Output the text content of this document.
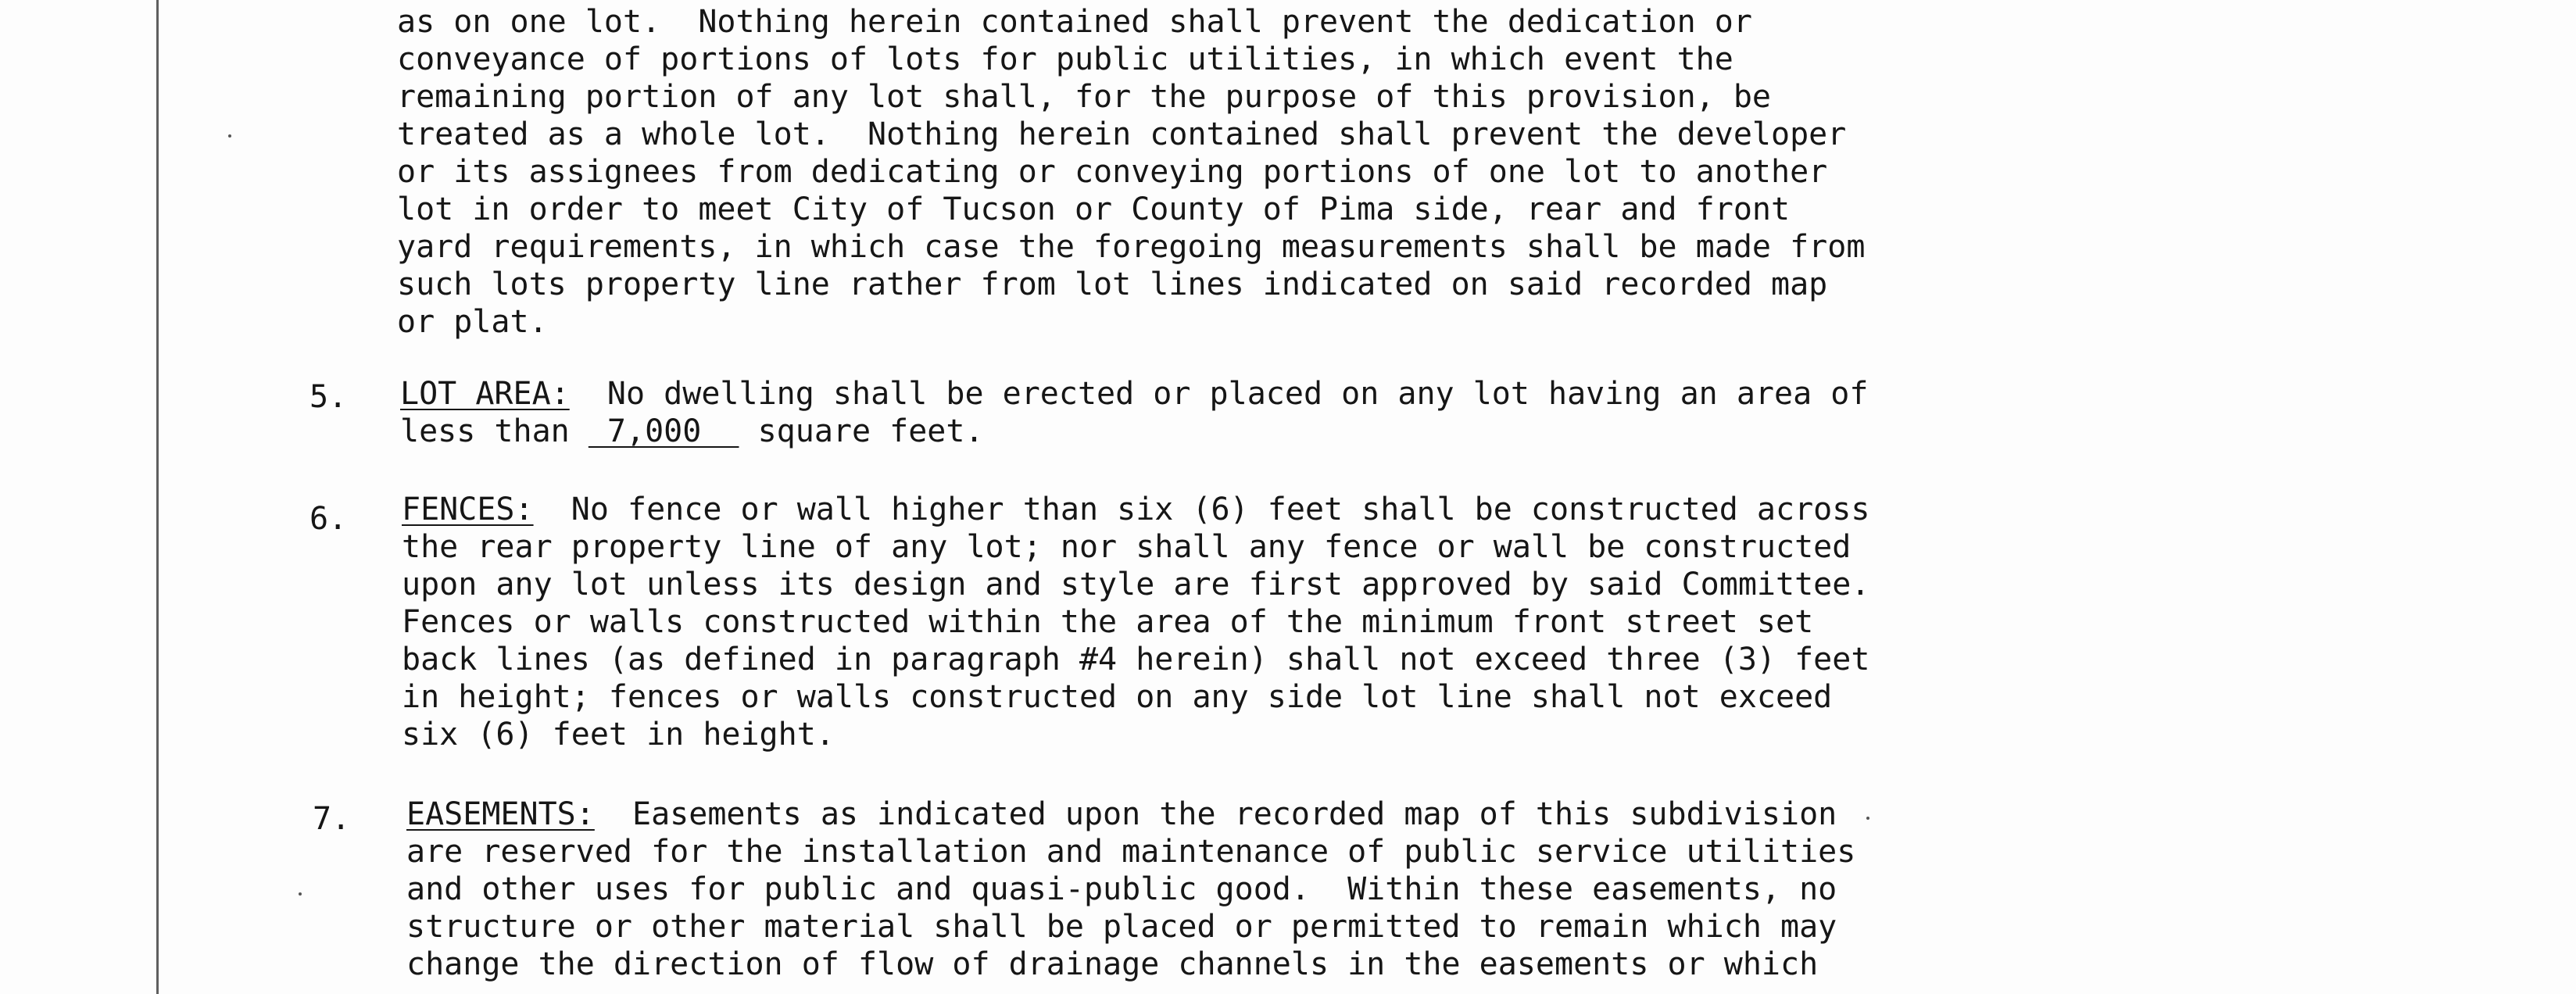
as on one lot.  Nothing herein contained shall prevent the dedication or
conveyance of portions of lots for public utilities, in which event the
remaining portion of any lot shall, for the purpose of this provision, be
treated as a whole lot.  Nothing herein contained shall prevent the developer
or its assignees from dedicating or conveying portions of one lot to another
lot in order to meet City of Tucson or County of Pima side, rear and front
yard requirements, in which case the foregoing measurements shall be made from
such lots property line rather from lot lines indicated on said recorded map
or plat.
5. LOT AREA:  No dwelling shall be erected or placed on any lot having an area of
less than  7,000   square feet.
6. FENCES:  No fence or wall higher than six (6) feet shall be constructed across
the rear property line of any lot; nor shall any fence or wall be constructed
upon any lot unless its design and style are first approved by said Committee.
Fences or walls constructed within the area of the minimum front street set
back lines (as defined in paragraph #4 herein) shall not exceed three (3) feet
in height; fences or walls constructed on any side lot line shall not exceed
six (6) feet in height.
7. EASEMENTS:  Easements as indicated upon the recorded map of this subdivision
are reserved for the installation and maintenance of public service utilities
and other uses for public and quasi-public good.  Within these easements, no
structure or other material shall be placed or permitted to remain which may
change the direction of flow of drainage channels in the easements or which
